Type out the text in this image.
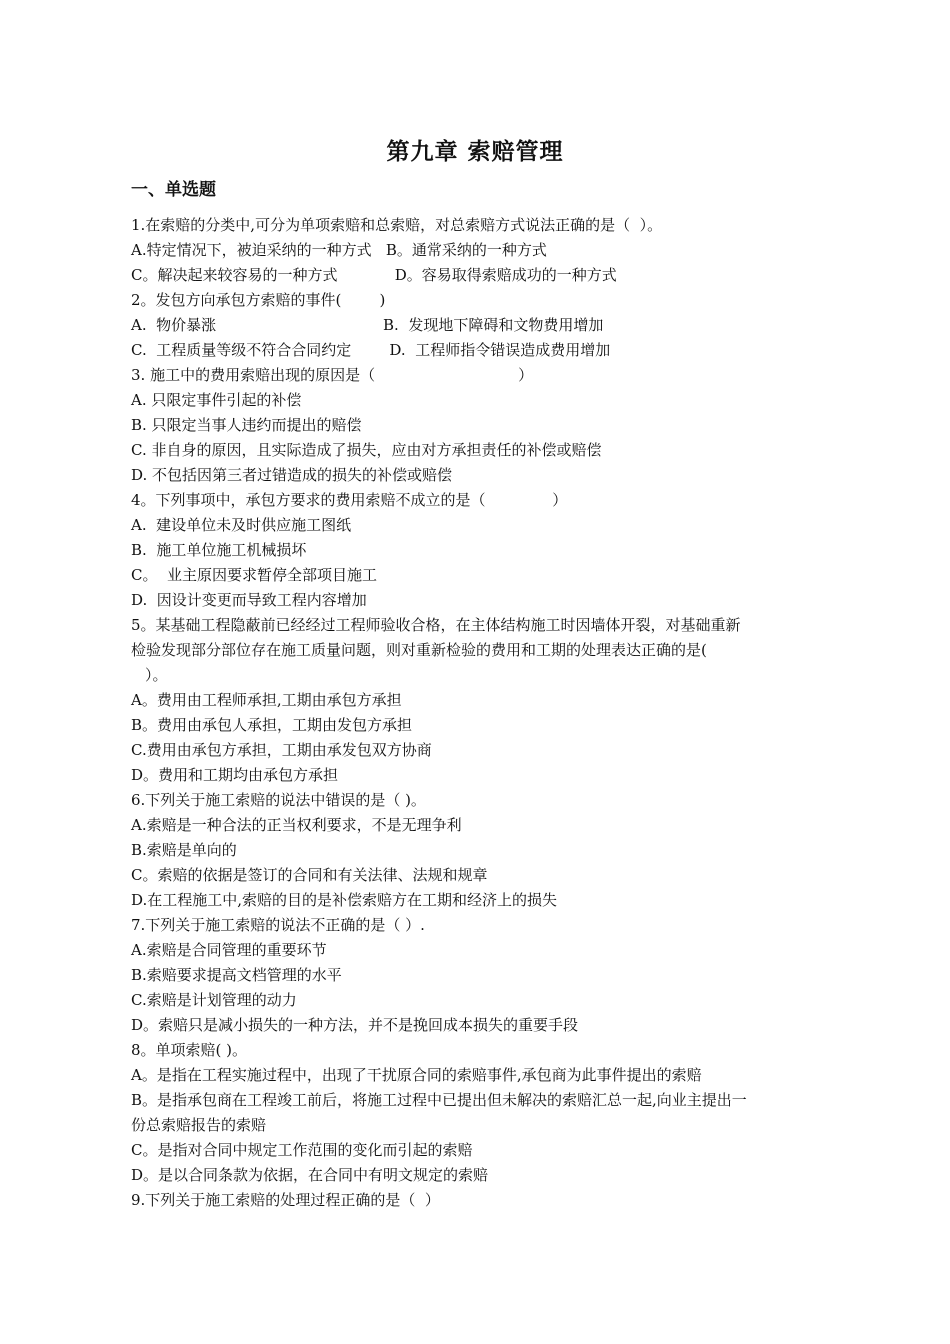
第九章 索赔管理
一、单选题
1.在索赔的分类中,可分为单项索赔和总索赔，对总索赔方式说法正确的是（  ）。
A.特定情况下，被迫采纳的一种方式   B。通常采纳的一种方式
C。解决起来较容易的一种方式            D。容易取得索赔成功的一种方式
2。发包方向承包方索赔的事件(        )
A.  物价暴涨                                   B.  发现地下障碍和文物费用增加
C.  工程质量等级不符合合同约定        D.  工程师指令错误造成费用增加
3. 施工中的费用索赔出现的原因是（                              ）
A. 只限定事件引起的补偿
B. 只限定当事人违约而提出的赔偿
C. 非自身的原因，且实际造成了损失，应由对方承担责任的补偿或赔偿
D. 不包括因第三者过错造成的损失的补偿或赔偿
4。下列事项中，承包方要求的费用索赔不成立的是（              ）
A.  建设单位未及时供应施工图纸
B.  施工单位施工机械损坏
C。  业主原因要求暂停全部项目施工
D.  因设计变更而导致工程内容增加
5。某基础工程隐蔽前已经经过工程师验收合格，在主体结构施工时因墙体开裂，对基础重新
检验发现部分部位存在施工质量问题，则对重新检验的费用和工期的处理表达正确的是(
）。
A。费用由工程师承担,工期由承包方承担
B。费用由承包人承担，工期由发包方承担
C.费用由承包方承担，工期由承发包双方协商
D。费用和工期均由承包方承担
6.下列关于施工索赔的说法中错误的是（ )。
A.索赔是一种合法的正当权利要求，不是无理争利
B.索赔是单向的
C。索赔的依据是签订的合同和有关法律、法规和规章
D.在工程施工中,索赔的目的是补偿索赔方在工期和经济上的损失
7.下列关于施工索赔的说法不正确的是（ ）.
A.索赔是合同管理的重要环节
B.索赔要求提高文档管理的水平
C.索赔是计划管理的动力
D。索赔只是减小损失的一种方法，并不是挽回成本损失的重要手段
8。单项索赔( )。
A。是指在工程实施过程中，出现了干扰原合同的索赔事件,承包商为此事件提出的索赔
B。是指承包商在工程竣工前后，将施工过程中已提出但未解决的索赔汇总一起,向业主提出一
份总索赔报告的索赔
C。是指对合同中规定工作范围的变化而引起的索赔
D。是以合同条款为依据，在合同中有明文规定的索赔
9.下列关于施工索赔的处理过程正确的是（  ）
